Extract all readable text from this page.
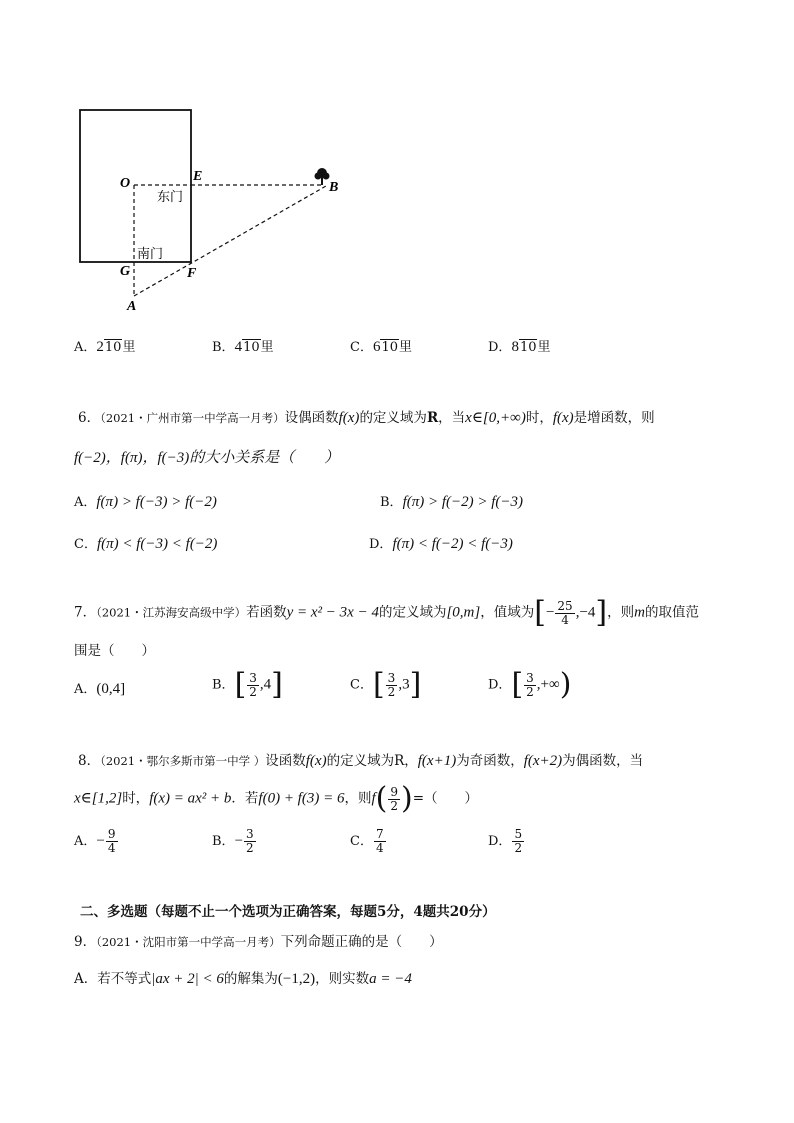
O	E
B
G	F
A
东门
南门
A．210里	B．410里	C．610里	D．810里
6．（2021・广州市第一中学高一月考）设偶函数f(x)的定义域为R，当x∈[0,+∞)时，f(x)是增函数，则
f(−2)，f(π)，f(−3)的大小关系是（　　）
A．f(π) > f(−3) > f(−2)	B．f(π) > f(−2) > f(−3)
C．f(π) < f(−3) < f(−2)	D．f(π) < f(−2) < f(−3)
7．（2021・江苏海安高级中学）若函数y = x² − 3x − 4的定义域为[0,m]，值域为[− $\frac{25}{4} ,-4$]，则m的取值范
围是（　　）
A．(0,4]	B．[ $\frac{3}{2} ,4$]	C．[ $\frac{3}{2} ,3$]	D．[ $\frac{3}{2}$ ,+∞)
8．（2021・鄂尔多斯市第一中学 ）设函数f(x)的定义域为R，f(x+1)为奇函数，f(x+2)为偶函数，当
x∈[1,2]时，f(x) = ax² + b．若f(0) + f(3) = 6，则$f( \frac{9}{2}$ )=（　　）
A．− $\frac{9}{4}$	B．− $\frac{3}{2}$	C． $\frac{7}{4}$	D． $\frac{5}{2}$
二、多选题（每题不止一个选项为正确答案，每题5分，4题共20分）
9．（2021・沈阳市第一中学高一月考）下列命题正确的是（　　）
A．若不等式|ax + 2| < 6的解集为(−1,2)，则实数a = −4
